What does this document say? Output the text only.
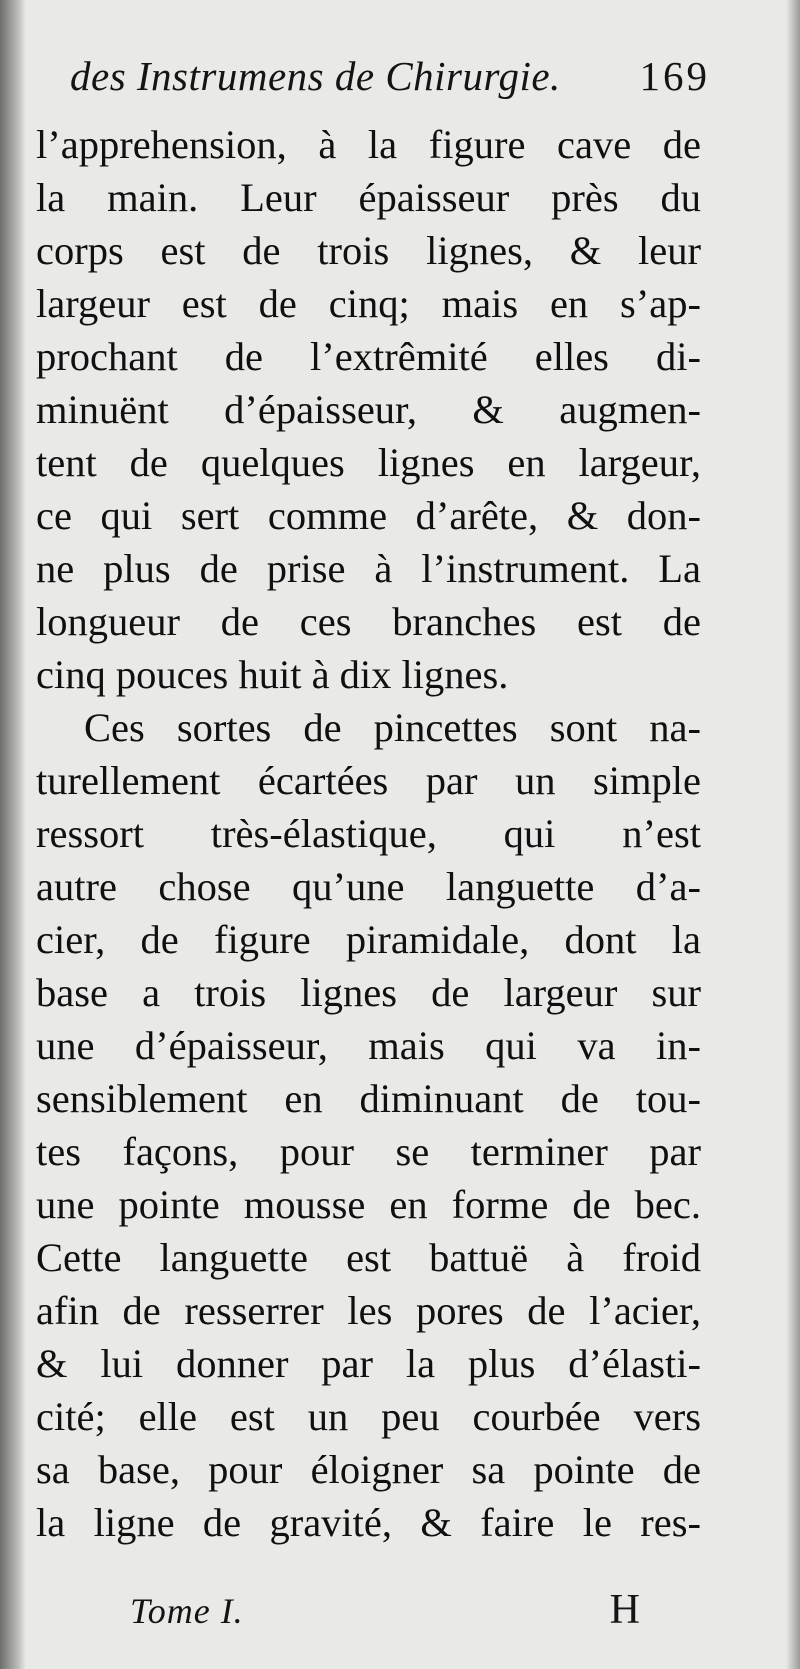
des Instrumens de Chirurgie. 169
l’apprehension, à la figure cave de
la main. Leur épaisseur près du
corps est de trois lignes, & leur
largeur est de cinq; mais en s’ap-
prochant de l’extrêmité elles di-
minuënt d’épaisseur, & augmen-
tent de quelques lignes en largeur,
ce qui sert comme d’arête, & don-
ne plus de prise à l’instrument. La
longueur de ces branches est de
cinq pouces huit à dix lignes.
Ces sortes de pincettes sont na-
turellement écartées par un simple
ressort très-élastique, qui n’est
autre chose qu’une languette d’a-
cier, de figure piramidale, dont la
base a trois lignes de largeur sur
une d’épaisseur, mais qui va in-
sensiblement en diminuant de tou-
tes façons, pour se terminer par
une pointe mousse en forme de bec.
Cette languette est battuë à froid
afin de resserrer les pores de l’acier,
& lui donner par la plus d’élasti-
cité; elle est un peu courbée vers
sa base, pour éloigner sa pointe de
la ligne de gravité, & faire le res-
Tome I.	H
